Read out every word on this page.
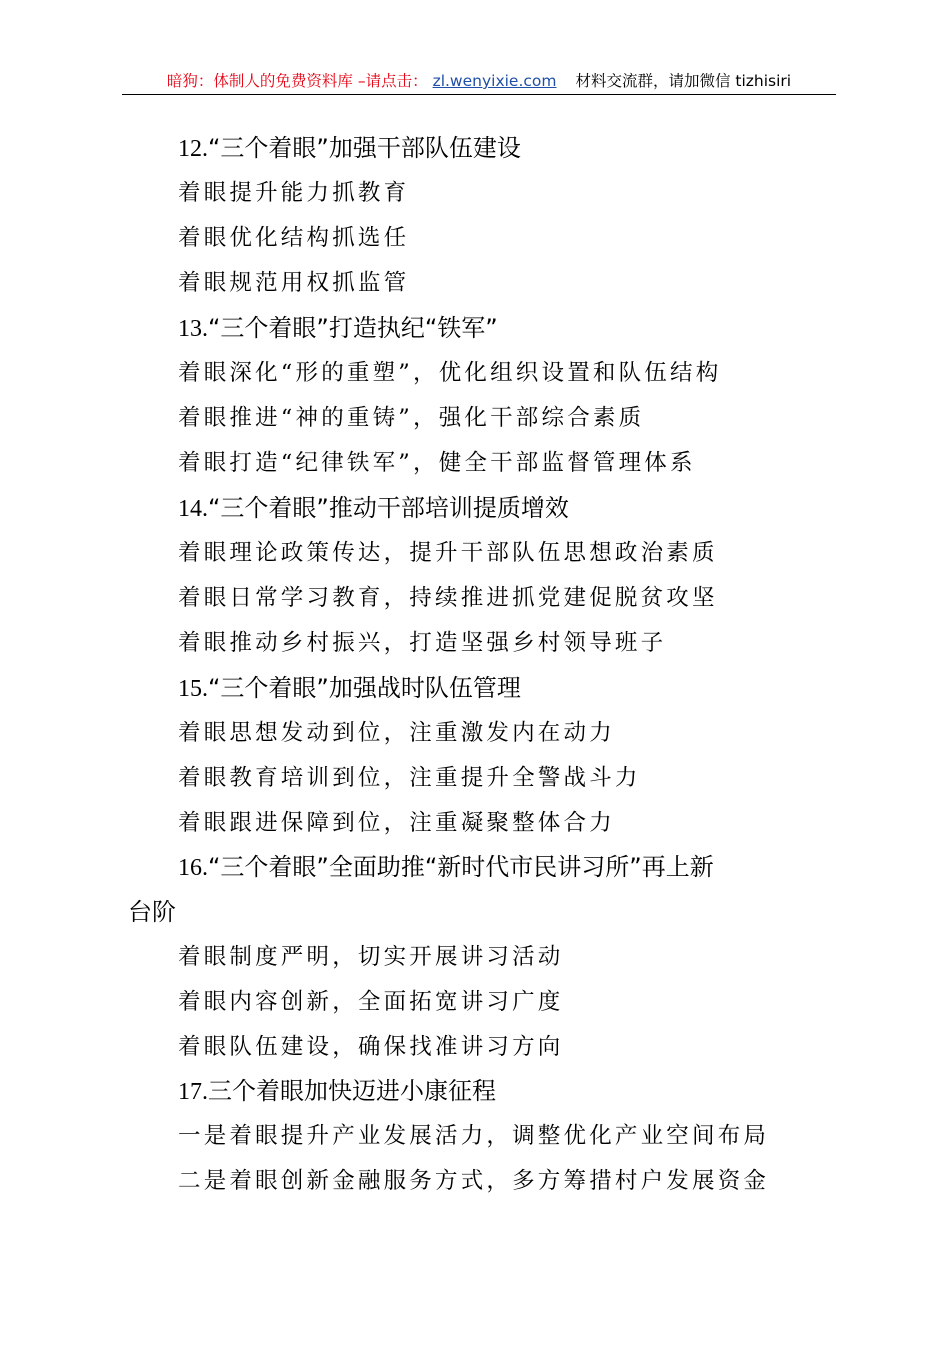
暗狗：体制人的免费资料库 –请点击： zl.wenyixie.com 材料交流群，请加微信 tizhisiri
12.“三个着眼”加强干部队伍建设
着眼提升能力抓教育
着眼优化结构抓选任
着眼规范用权抓监管
13.“三个着眼”打造执纪“铁军”
着眼深化“形的重塑”，优化组织设置和队伍结构
着眼推进“神的重铸”，强化干部综合素质
着眼打造“纪律铁军”，健全干部监督管理体系
14.“三个着眼”推动干部培训提质增效
着眼理论政策传达，提升干部队伍思想政治素质
着眼日常学习教育，持续推进抓党建促脱贫攻坚
着眼推动乡村振兴，打造坚强乡村领导班子
15.“三个着眼”加强战时队伍管理
着眼思想发动到位，注重激发内在动力
着眼教育培训到位，注重提升全警战斗力
着眼跟进保障到位，注重凝聚整体合力
16.“三个着眼”全面助推“新时代市民讲习所”再上新
台阶
着眼制度严明，切实开展讲习活动
着眼内容创新，全面拓宽讲习广度
着眼队伍建设，确保找准讲习方向
17.三个着眼加快迈进小康征程
一是着眼提升产业发展活力，调整优化产业空间布局
二是着眼创新金融服务方式，多方筹措村户发展资金
